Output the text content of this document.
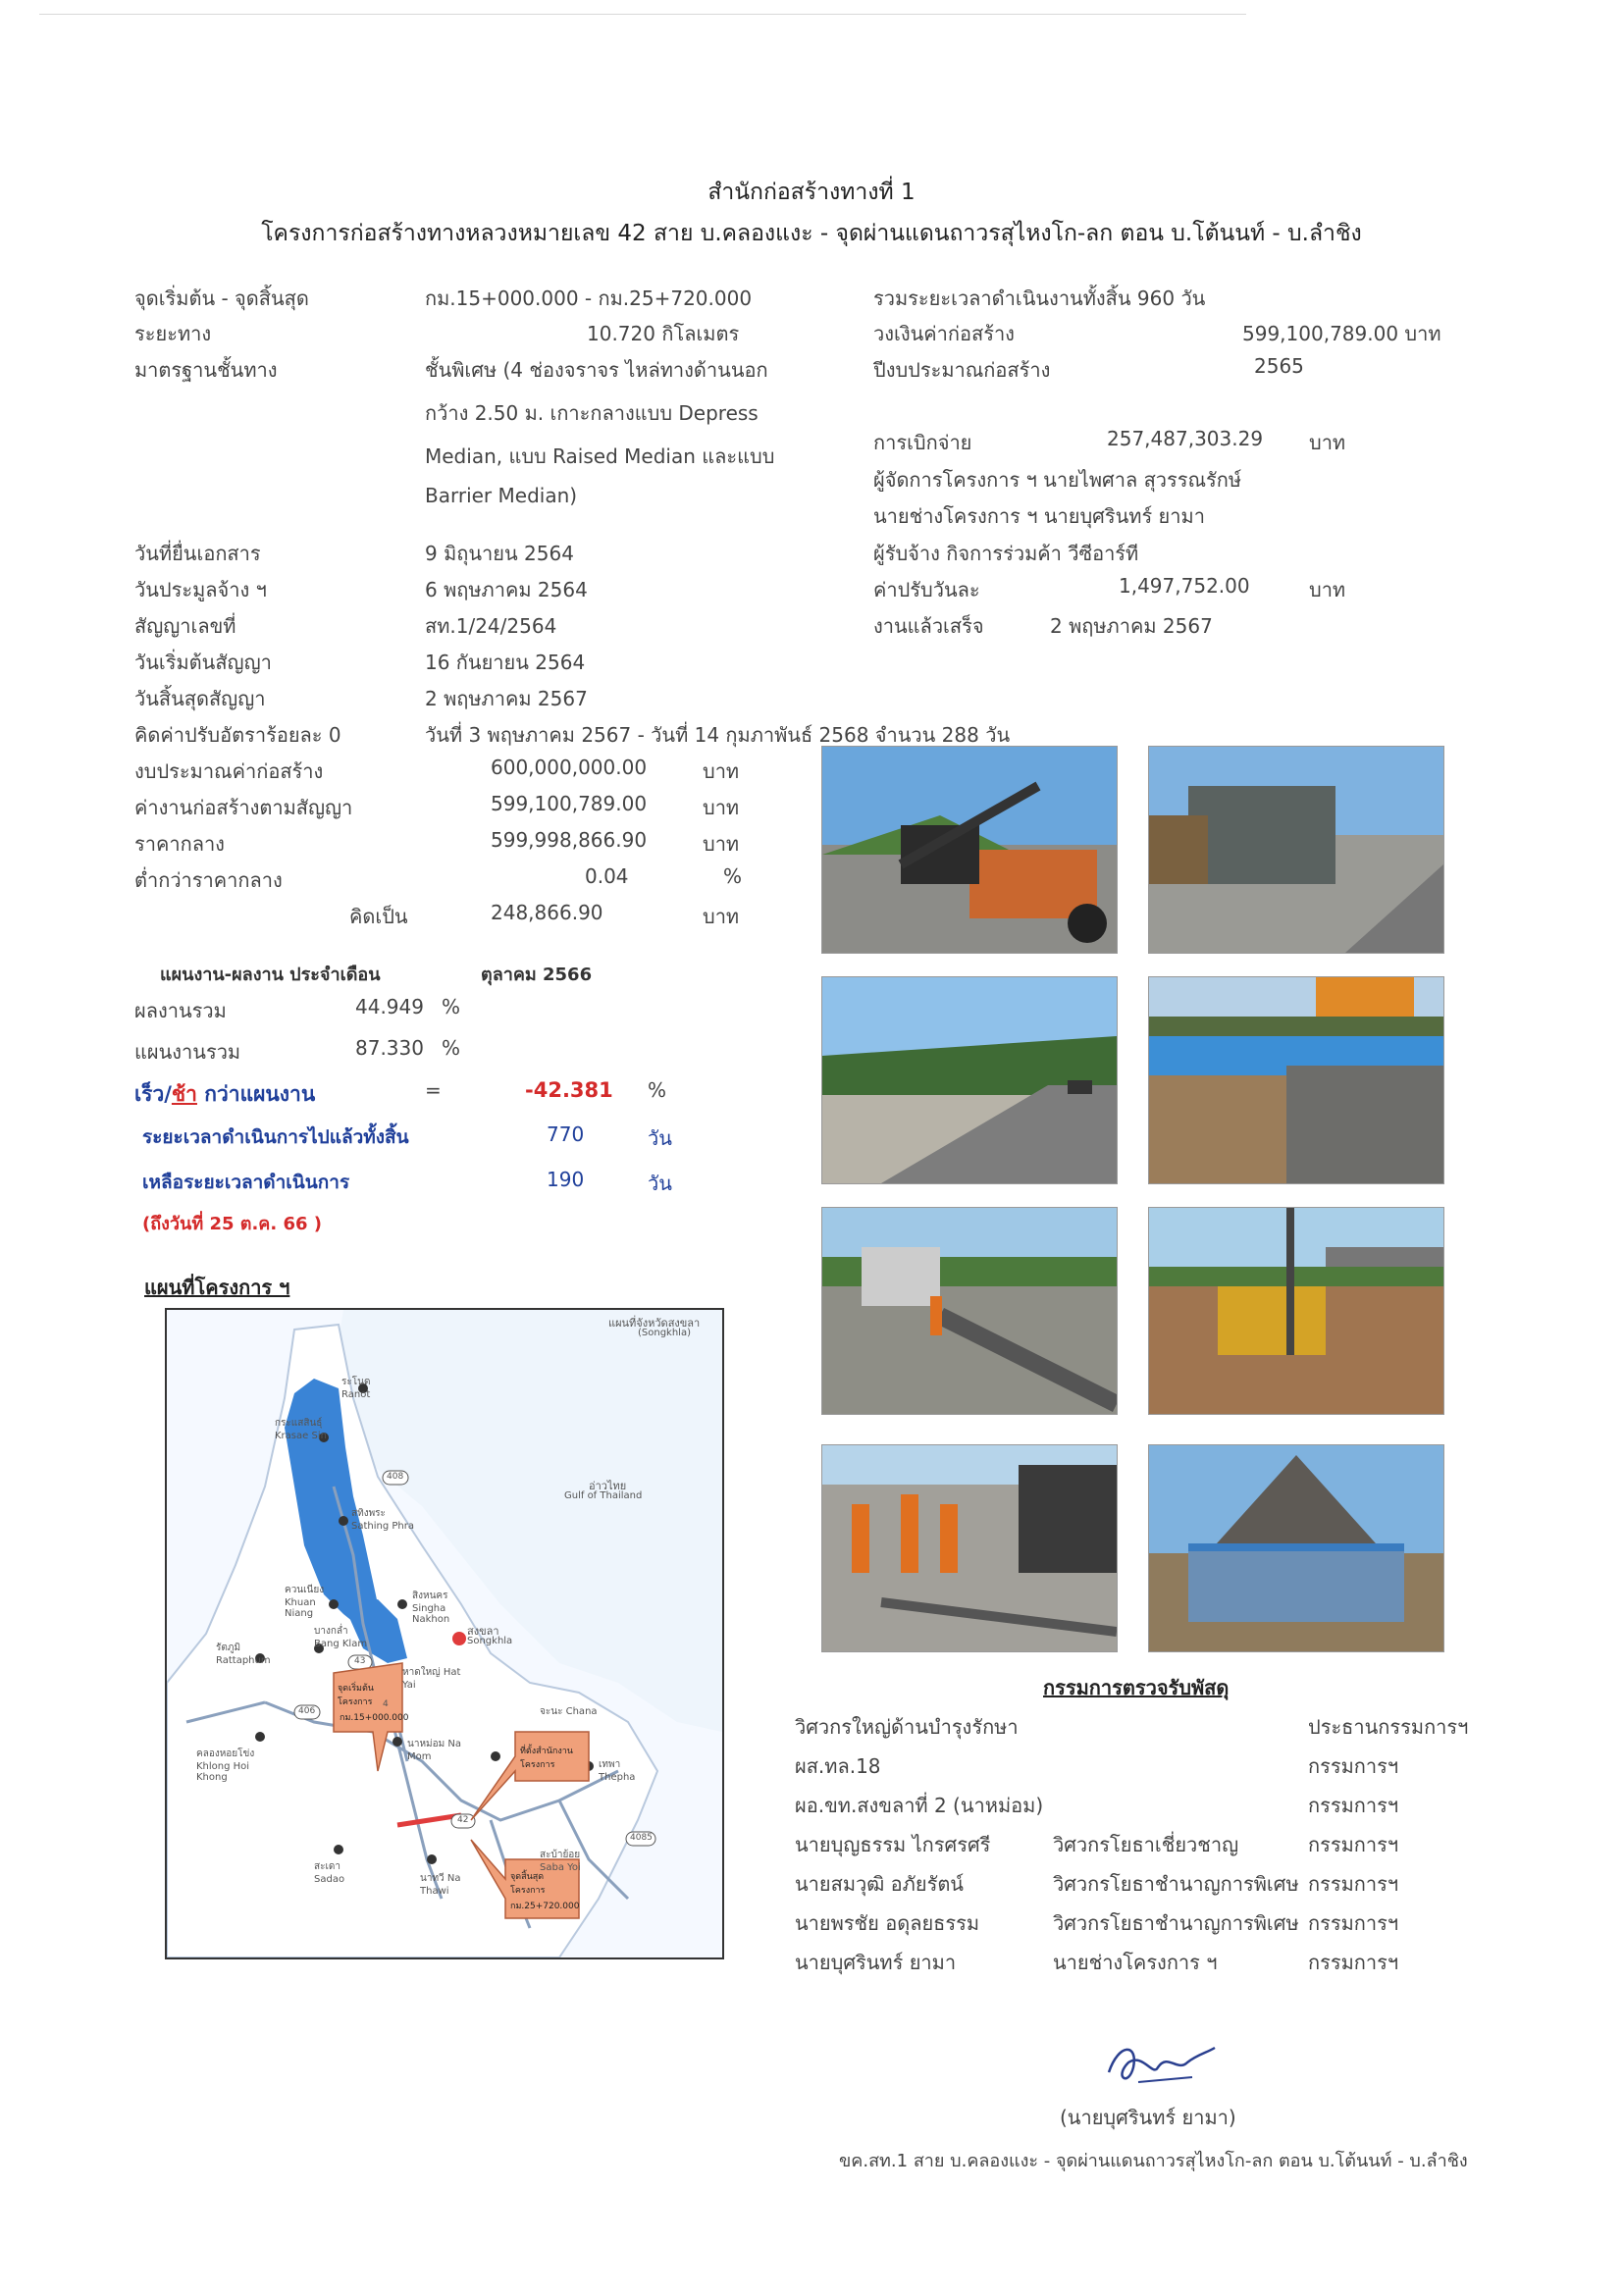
สำนักก่อสร้างทางที่ 1
โครงการก่อสร้างทางหลวงหมายเลข 42 สาย บ.คลองแงะ - จุดผ่านแดนถาวรสุไหงโก-ลก ตอน บ.โต้นนท์ - บ.ลำชิง
จุดเริ่มต้น - จุดสิ้นสุด	กม.15+000.000 - กม.25+720.000
ระยะทาง	10.720 กิโลเมตร
มาตรฐานชั้นทาง	ชั้นพิเศษ (4 ช่องจราจร ไหล่ทางด้านนอก
กว้าง 2.50 ม. เกาะกลางแบบ Depress
Median, แบบ Raised Median และแบบ
Barrier Median)
วันที่ยื่นเอกสาร	9 มิถุนายน 2564
วันประมูลจ้าง ฯ	6 พฤษภาคม 2564
สัญญาเลขที่	สท.1/24/2564
วันเริ่มต้นสัญญา	16 กันยายน 2564
วันสิ้นสุดสัญญา	2 พฤษภาคม 2567
คิดค่าปรับอัตราร้อยละ 0	วันที่ 3 พฤษภาคม 2567 - วันที่ 14 กุมภาพันธ์ 2568 จำนวน 288 วัน
งบประมาณค่าก่อสร้าง	600,000,000.00	บาท
ค่างานก่อสร้างตามสัญญา	599,100,789.00	บาท
ราคากลาง	599,998,866.90	บาท
ต่ำกว่าราคากลาง	0.04	%
คิดเป็น	248,866.90	บาท
รวมระยะเวลาดำเนินงานทั้งสิ้น 960 วัน
วงเงินค่าก่อสร้าง	599,100,789.00 บาท
ปีงบประมาณก่อสร้าง	2565
การเบิกจ่าย	257,487,303.29 บาท
ผู้จัดการโครงการ ฯ นายไพศาล สุวรรณรักษ์
นายช่างโครงการ ฯ นายบุศรินทร์ ยามา
ผู้รับจ้าง กิจการร่วมค้า วีซีอาร์ที
ค่าปรับวันละ	1,497,752.00	บาท
งานแล้วเสร็จ	2 พฤษภาคม 2567
แผนงาน-ผลงาน ประจำเดือน	ตุลาคม 2566
ผลงานรวม	44.949 %
แผนงานรวม	87.330 %
เร็ว/ช้า กว่าแผนงาน	=	-42.381 %
ระยะเวลาดำเนินการไปแล้วทั้งสิ้น	770	วัน
เหลือระยะเวลาดำเนินการ	190	วัน
(ถึงวันที่ 25 ต.ค. 66 )
แผนที่โครงการ ฯ
แผนที่จังหวัดสงขลา
(Songkhla)
อ่าวไทย
Gulf of Thailand
สงขลา
Songkhla
ระโนด Ranot
กระแสสินธุ์ Krasae Sin
สทิงพระ Sathing Phra
ควนเนียง Khuan Niang
สิงหนคร Singha Nakhon
รัตภูมิ Rattaphum
บางกล่ำ Bang Klam
คลองหอยโข่ง Khlong Hoi Khong
หาดใหญ่ Hat Yai
นาหม่อม Na Mom
จะนะ Chana
เทพา Thepha
สะเดา Sadao	นาทวี Na Thawi
สะบ้าย้อย Saba Yoi
408
43
406
4
42
4085
จุดเริ่มต้นโครงการ
กม.15+000.000
ที่ตั้งสำนักงานโครงการ
จุดสิ้นสุดโครงการ
กม.25+720.000
กรรมการตรวจรับพัสดุ
วิศวกรใหญ่ด้านบำรุงรักษา	ประธานกรรมการฯ
ผส.ทล.18	กรรมการฯ
ผอ.ขท.สงขลาที่ 2 (นาหม่อม)	กรรมการฯ
นายบุญธรรม ไกรศรศรี	วิศวกรโยธาเชี่ยวชาญ	กรรมการฯ
นายสมวุฒิ อภัยรัตน์	วิศวกรโยธาชำนาญการพิเศษ กรรมการฯ
นายพรชัย อดุลยธรรม	วิศวกรโยธาชำนาญการพิเศษ กรรมการฯ
นายบุศรินทร์ ยามา	นายช่างโครงการ ฯ	กรรมการฯ
(นายบุศรินทร์ ยามา)
ขค.สท.1 สาย บ.คลองแงะ - จุดผ่านแดนถาวรสุไหงโก-ลก ตอน บ.โต้นนท์ - บ.ลำชิง
